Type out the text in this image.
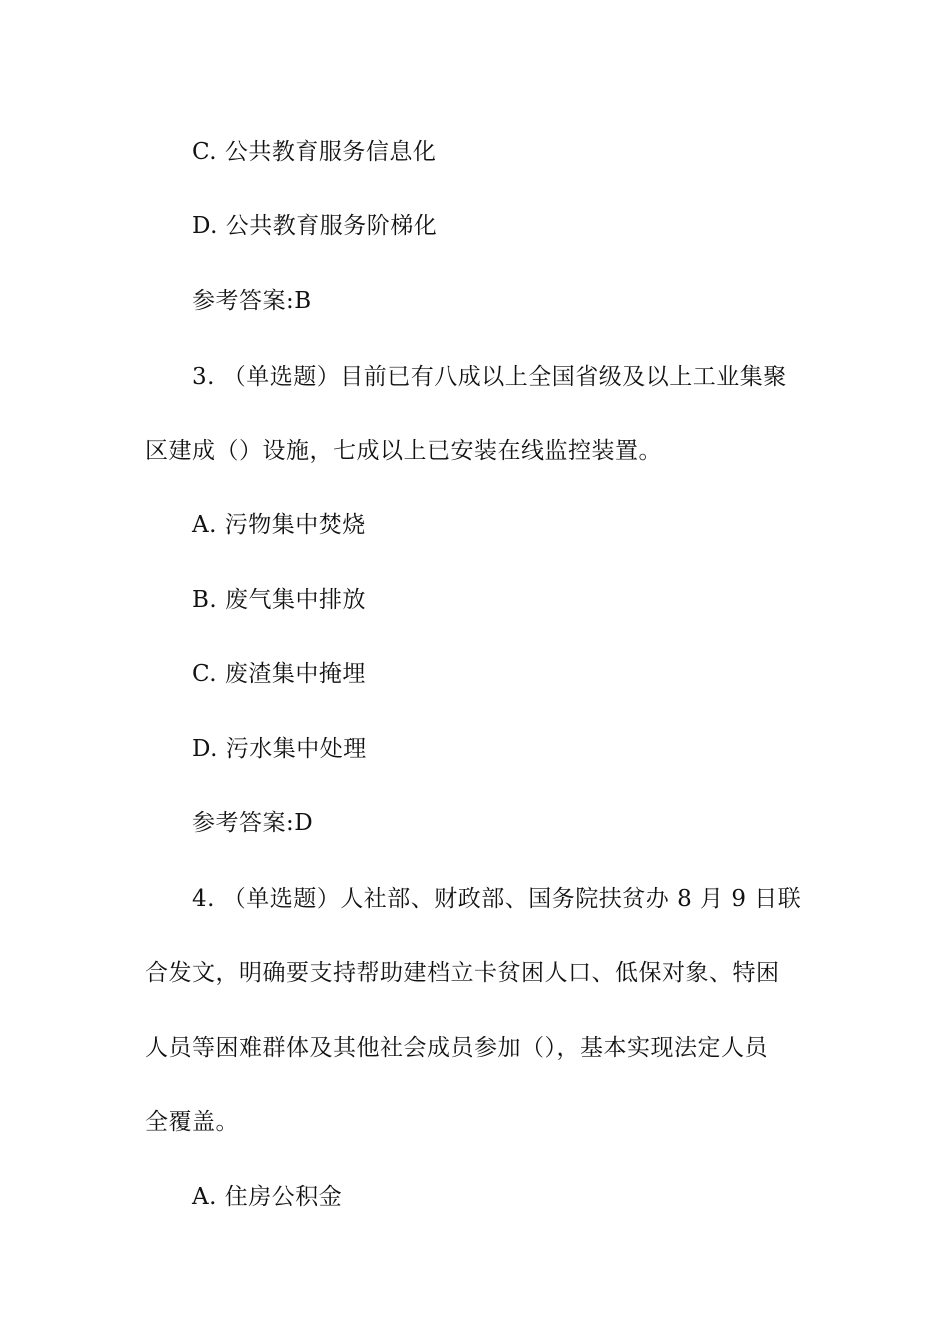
C. 公共教育服务信息化
D. 公共教育服务阶梯化
参考答案:B
3. （单选题）目前已有八成以上全国省级及以上工业集聚
区建成（）设施，七成以上已安装在线监控装置。
A. 污物集中焚烧
B. 废气集中排放
C. 废渣集中掩埋
D. 污水集中处理
参考答案:D
4. （单选题）人社部、财政部、国务院扶贫办 8 月 9 日联
合发文，明确要支持帮助建档立卡贫困人口、低保对象、特困
人员等困难群体及其他社会成员参加（），基本实现法定人员
全覆盖。
A. 住房公积金
